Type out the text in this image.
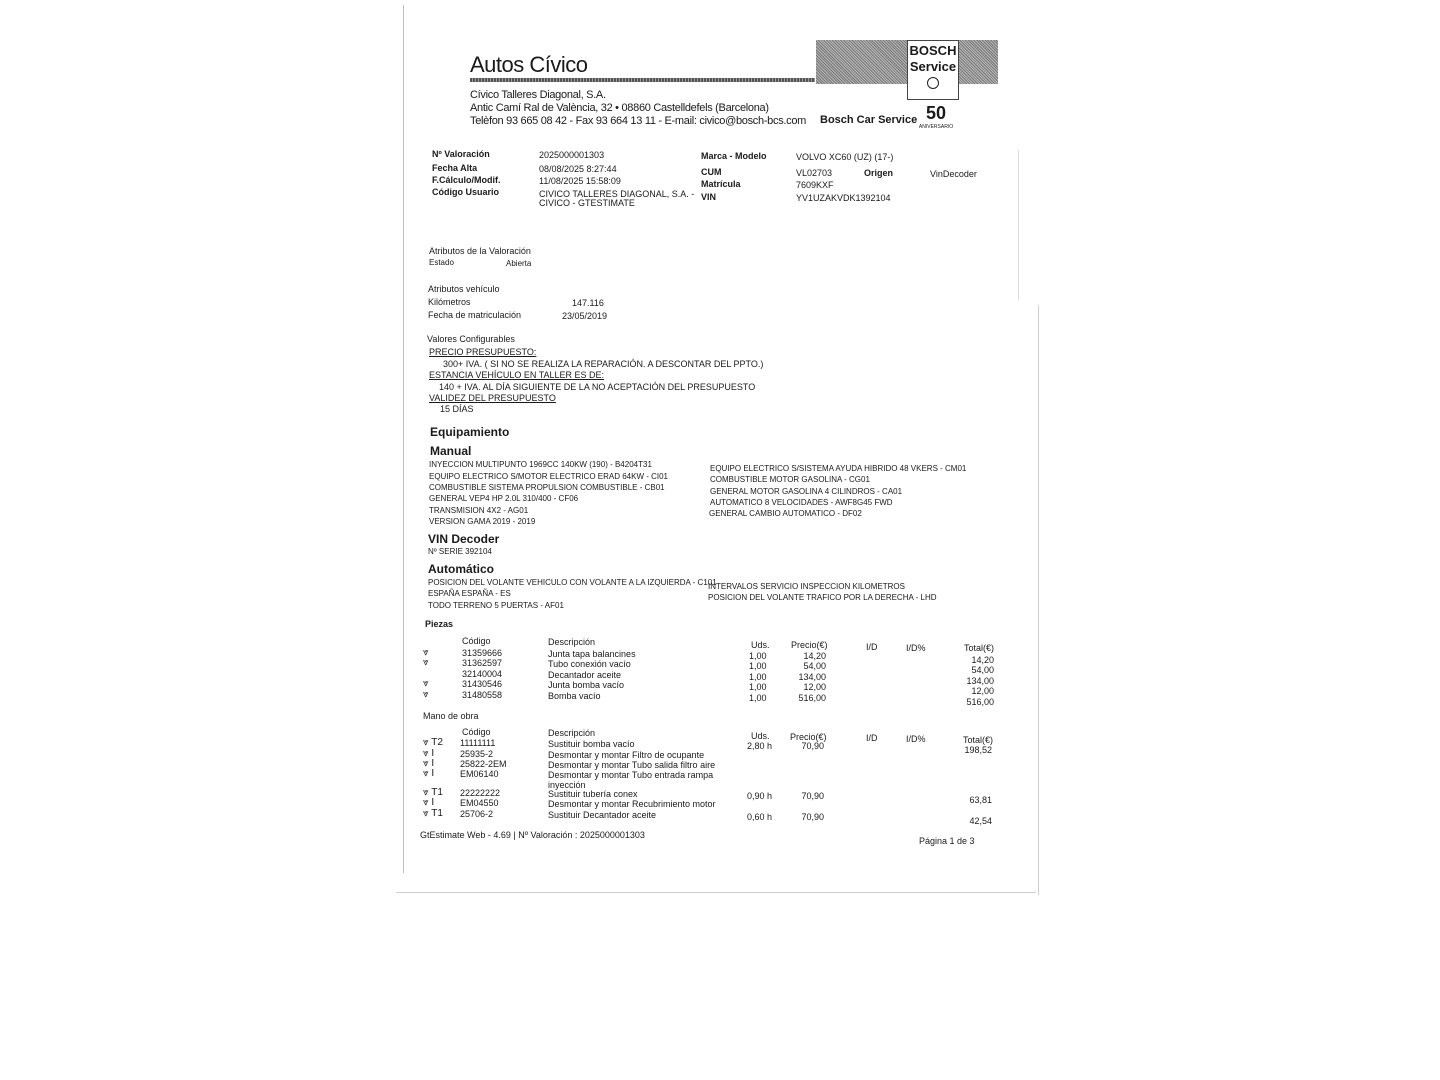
Autos Cívico
Cívico Talleres Diagonal, S.A.
Antic Camí Ral de València, 32 • 08860 Castelldefels (Barcelona)
Telèfon 93 665 08 42 - Fax 93 664 13 11 - E-mail: civico@bosch-bcs.com
BOSCH
Service
Bosch Car Service 50
ANIVERSARIO
Nº Valoración	2025000001303
Fecha Alta	08/08/2025 8:27:44
F.Cálculo/Modif.	11/08/2025 15:58:09
Código Usuario	CIVICO TALLERES DIAGONAL, S.A. -
CIVICO - GTESTIMATE
Marca - Modelo	VOLVO XC60 (UZ) (17-)
CUM	VL02703	Origen	VinDecoder
Matrícula	7609KXF
VIN	YV1UZAKVDK1392104
Atributos de la Valoración
Estado	Abierta
Atributos vehículo
Kilómetros	147.116
Fecha de matriculación	23/05/2019
Valores Configurables
PRECIO PRESUPUESTO:
300+ IVA. ( SI NO SE REALIZA LA REPARACIÓN. A DESCONTAR DEL PPTO.)
ESTANCIA VEHÍCULO EN TALLER ES DE:
140 + IVA. AL DÍA SIGUIENTE DE LA NO ACEPTACIÓN DEL PRESUPUESTO
VALIDEZ DEL PRESUPUESTO
15 DÍAS
Equipamiento
Manual
INYECCION MULTIPUNTO 1969CC 140KW (190) - B4204T31
EQUIPO ELECTRICO S/MOTOR ELECTRICO ERAD 64KW - CI01
COMBUSTIBLE SISTEMA PROPULSION COMBUSTIBLE - CB01
GENERAL VEP4 HP 2.0L 310/400 - CF06
TRANSMISION 4X2 - AG01
VERSION GAMA 2019 - 2019
EQUIPO ELECTRICO S/SISTEMA AYUDA HIBRIDO 48 VKERS - CM01
COMBUSTIBLE MOTOR GASOLINA - CG01
GENERAL MOTOR GASOLINA 4 CILINDROS - CA01
AUTOMATICO 8 VELOCIDADES - AWF8G45 FWD
GENERAL CAMBIO AUTOMATICO - DF02
VIN Decoder
Nº SERIE 392104
Automático
POSICION DEL VOLANTE VEHICULO CON VOLANTE A LA IZQUIERDA - C101
ESPAÑA ESPAÑA - ES
TODO TERRENO 5 PUERTAS - AF01
INTERVALOS SERVICIO INSPECCION KILOMETROS
POSICION DEL VOLANTE TRAFICO POR LA DERECHA - LHD
Piezas
Código	Descripción	Uds. Precio(€)	I/D	I/D%	Total(€)
⩔	31359666	Junta tapa balancines	1,00	14,20	14,20
⩔	31362597	Tubo conexión vacío	1,00	54,00	54,00
32140004	Decantador aceite	1,00	134,00	134,00
⩔	31430546	Junta bomba vacío	1,00	12,00	12,00
⩔	31480558	Bomba vacío	1,00	516,00	516,00
Mano de obra
Código	Descripción	Uds. Precio(€)	I/D	I/D%	Total(€)
⩔ T2 11111111	Sustituir bomba vacío	2,80 h	70,90	198,52
⩔ I	25935-2	Desmontar y montar Filtro de ocupante
⩔ I	25822-2EM	Desmontar y montar Tubo salida filtro aire
⩔ I	EM06140	Desmontar y montar Tubo entrada rampa
inyección
⩔ T1 22222222	Sustituir tubería conex	0,90 h	70,90	63,81
⩔ I	EM04550	Desmontar y montar Recubrimiento motor
⩔ T1 25706-2	Sustituir Decantador aceite	0,60 h	70,90	42,54
GtEstimate Web - 4.69 | Nº Valoración : 2025000001303
Página 1 de 3
